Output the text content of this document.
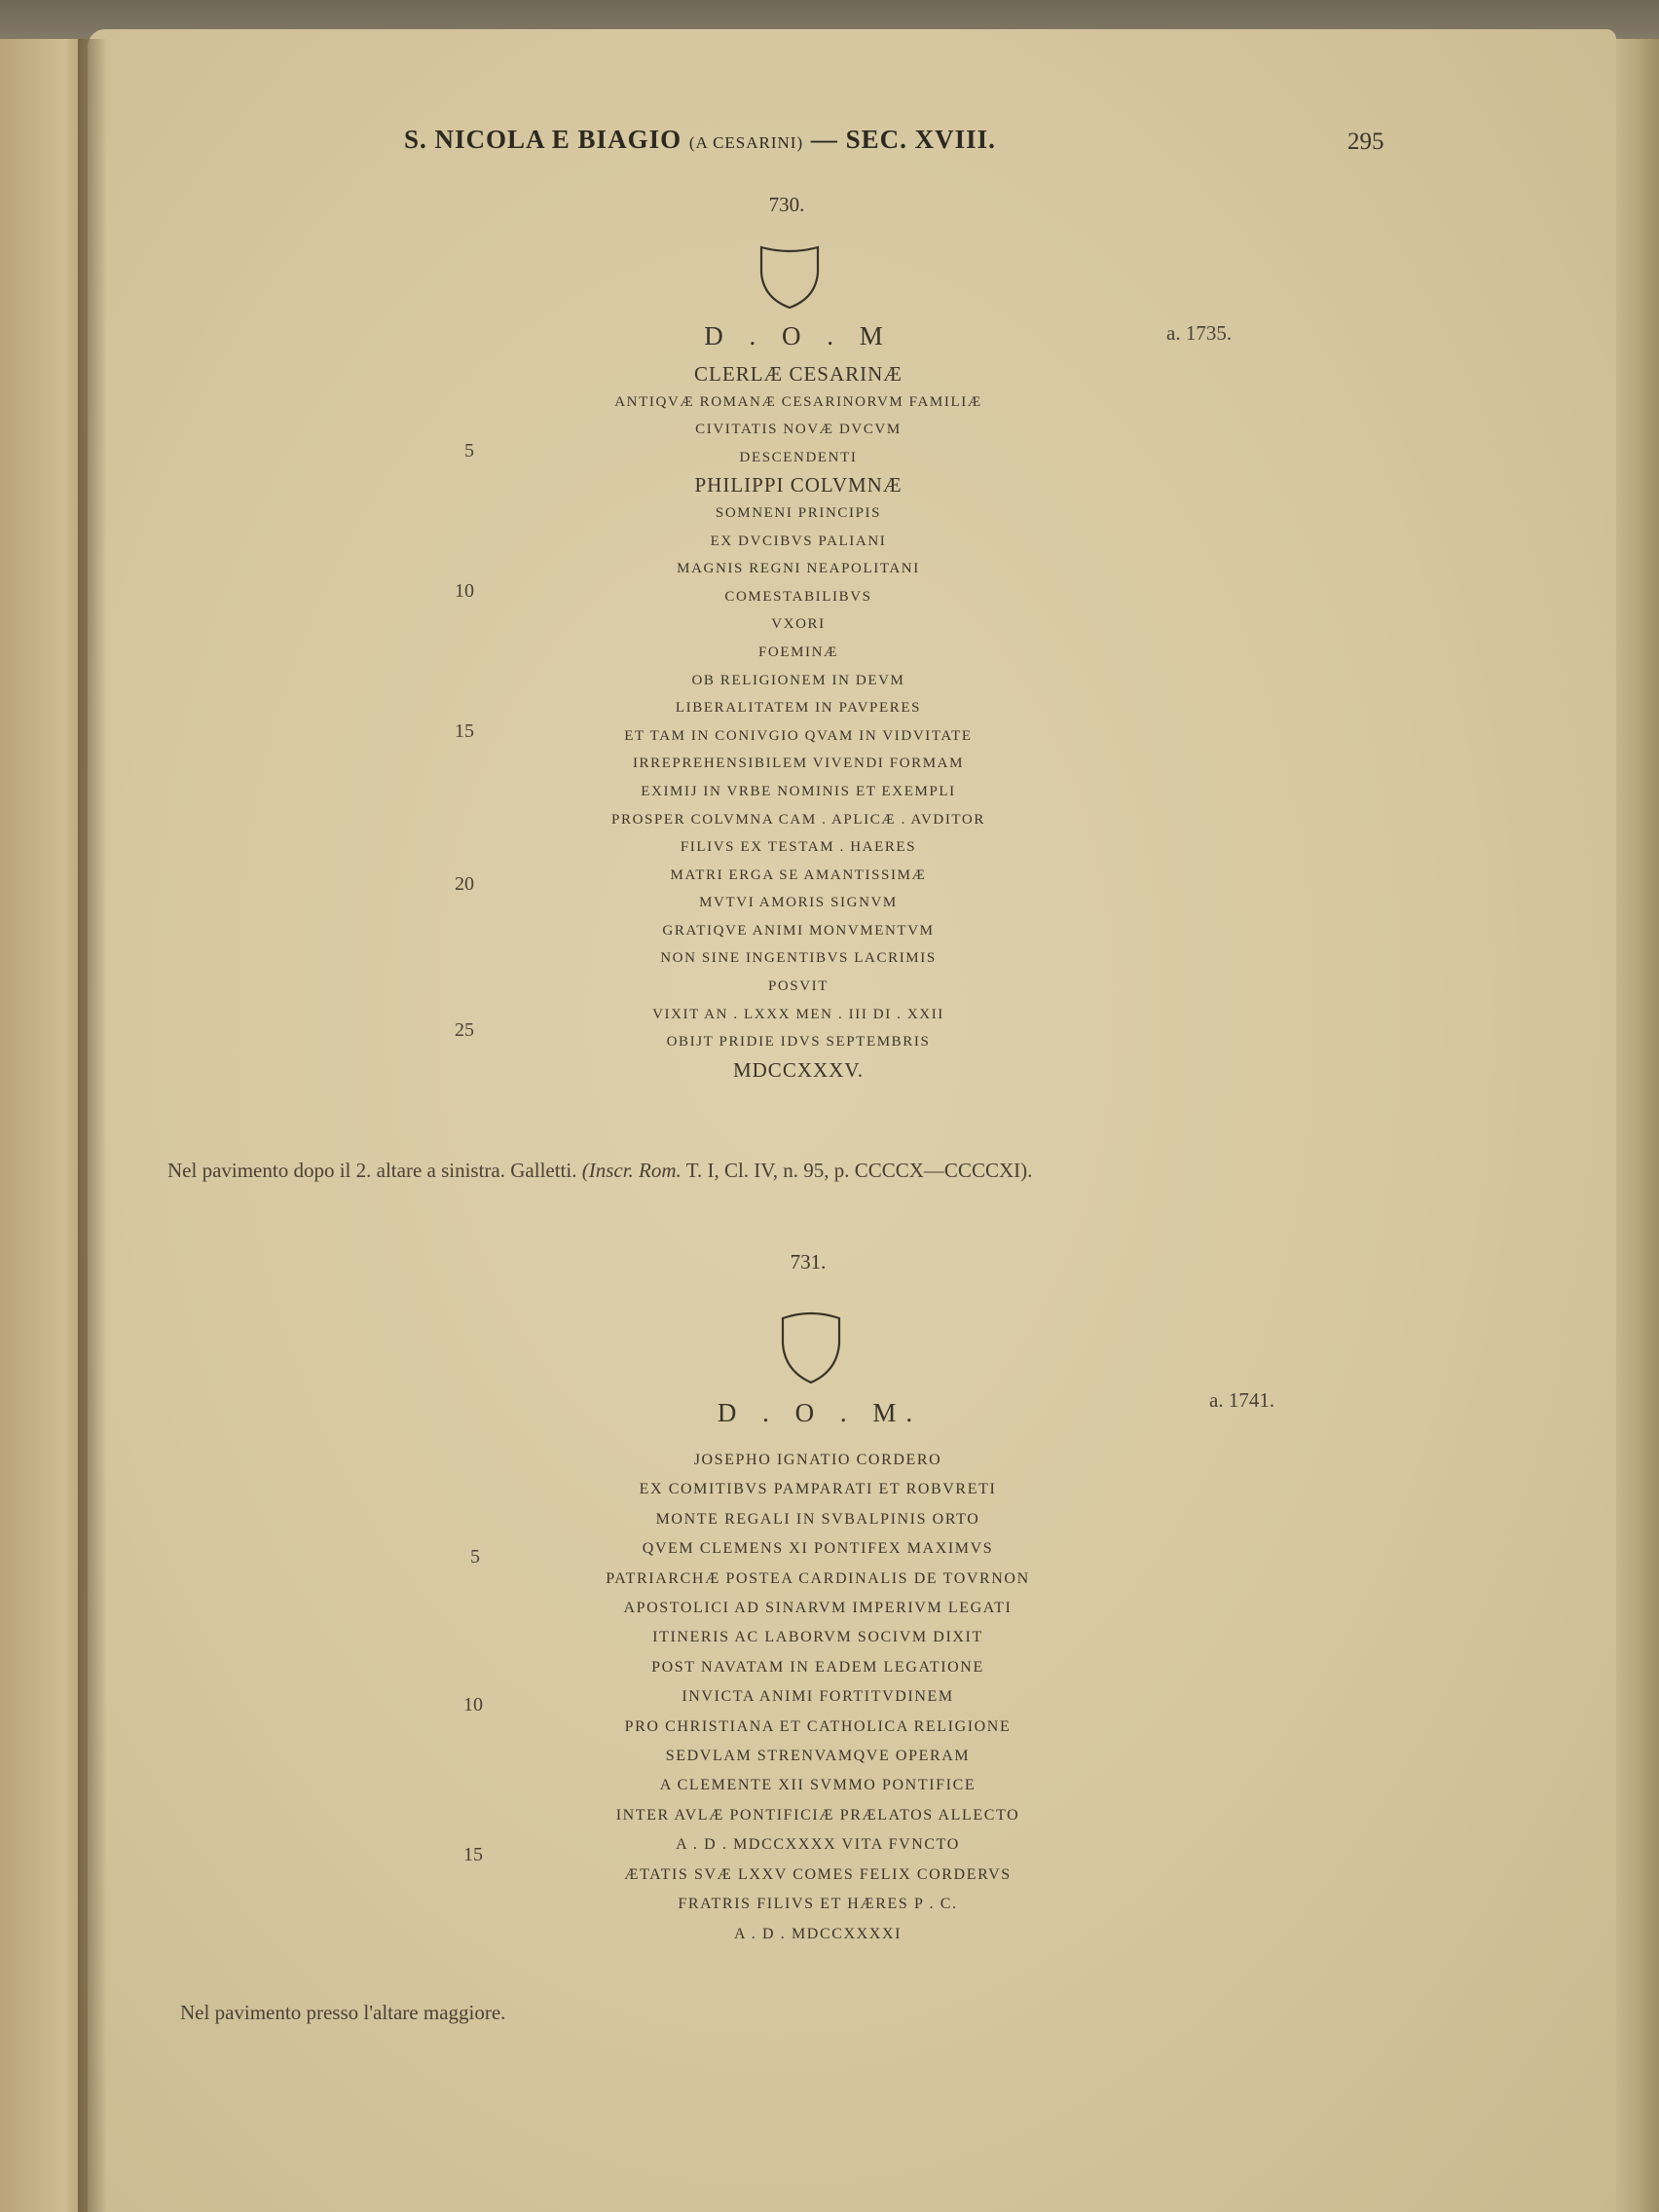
S. NICOLA E BIAGIO (A CESARINI) — SEC. XVIII.	295
730.
D . O . M	a. 1735.
CLERLÆ CESARINÆ
ANTIQVÆ ROMANÆ CESARINORVM FAMILIÆ
CIVITATIS NOVÆ DVCVM
DESCENDENTI
PHILIPPI COLVMNÆ
SOMNENI PRINCIPIS
EX DVCIBVS PALIANI
MAGNIS REGNI NEAPOLITANI
COMESTABILIBVS
VXORI
FOEMINÆ
OB RELIGIONEM IN DEVM
LIBERALITATEM IN PAVPERES
ET TAM IN CONIVGIO QVAM IN VIDVITATE
IRREPREHENSIBILEM VIVENDI FORMAM
EXIMIJ IN VRBE NOMINIS ET EXEMPLI
PROSPER COLVMNA CAM . APLICÆ . AVDITOR
FILIVS EX TESTAM . HAERES
MATRI ERGA SE AMANTISSIMÆ
MVTVI AMORIS SIGNVM
GRATIQVE ANIMI MONVMENTVM
NON SINE INGENTIBVS LACRIMIS
POSVIT
VIXIT AN . LXXX MEN . III DI . XXII
OBIJT PRIDIE IDVS SEPTEMBRIS
MDCCXXXV.
5
10
15
20
25
Nel pavimento dopo il 2. altare a sinistra. Galletti. (Inscr. Rom. T. I, Cl. IV, n. 95, p. CCCCX—CCCCXI).
731.
D . O . M.	a. 1741.
JOSEPHO IGNATIO CORDERO
EX COMITIBVS PAMPARATI ET ROBVRETI
MONTE REGALI IN SVBALPINIS ORTO
QVEM CLEMENS XI PONTIFEX MAXIMVS
PATRIARCHÆ POSTEA CARDINALIS DE TOVRNON
APOSTOLICI AD SINARVM IMPERIVM LEGATI
ITINERIS AC LABORVM SOCIVM DIXIT
POST NAVATAM IN EADEM LEGATIONE
INVICTA ANIMI FORTITVDINEM
PRO CHRISTIANA ET CATHOLICA RELIGIONE
SEDVLAM STRENVAMQVE OPERAM
A CLEMENTE XII SVMMO PONTIFICE
INTER AVLÆ PONTIFICIÆ PRÆLATOS ALLECTO
A . D . MDCCXXXX VITA FVNCTO
ÆTATIS SVÆ LXXV COMES FELIX CORDERVS
FRATRIS FILIVS ET HÆRES P . C.
A . D . MDCCXXXXI
5
10
15
Nel pavimento presso l'altare maggiore.
